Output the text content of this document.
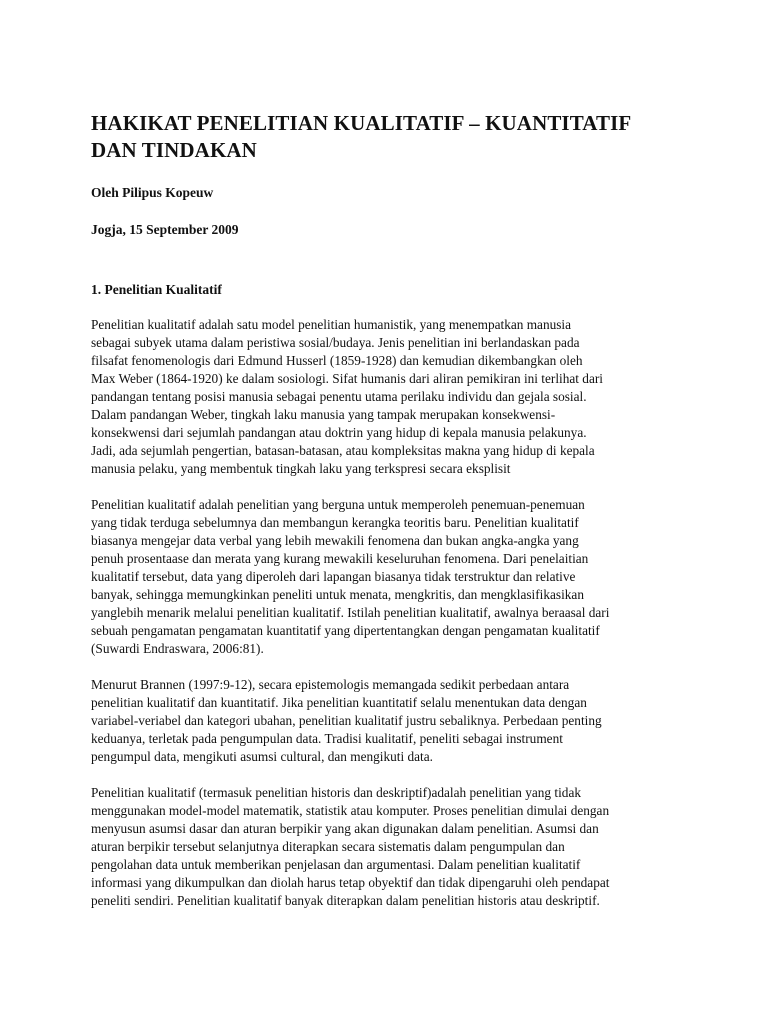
HAKIKAT PENELITIAN KUALITATIF – KUANTITATIF
DAN TINDAKAN

Oleh Pilipus Kopeuw

Jogja, 15 September 2009

1. Penelitian Kualitatif

Penelitian kualitatif adalah satu model penelitian humanistik, yang menempatkan manusia
sebagai subyek utama dalam peristiwa sosial/budaya. Jenis penelitian ini berlandaskan pada
filsafat fenomenologis dari Edmund Husserl (1859-1928) dan kemudian dikembangkan oleh
Max Weber (1864-1920) ke dalam sosiologi. Sifat humanis dari aliran pemikiran ini terlihat dari
pandangan tentang posisi manusia sebagai penentu utama perilaku individu dan gejala sosial.
Dalam pandangan Weber, tingkah laku manusia yang tampak merupakan konsekwensi-
konsekwensi dari sejumlah pandangan atau doktrin yang hidup di kepala manusia pelakunya.
Jadi, ada sejumlah pengertian, batasan-batasan, atau kompleksitas makna yang hidup di kepala
manusia pelaku, yang membentuk tingkah laku yang terkspresi secara eksplisit

Penelitian kualitatif adalah penelitian yang berguna untuk memperoleh penemuan-penemuan
yang tidak terduga sebelumnya dan membangun kerangka teoritis baru. Penelitian kualitatif
biasanya mengejar data verbal yang lebih mewakili fenomena dan bukan angka-angka yang
penuh prosentaase dan merata yang kurang mewakili keseluruhan fenomena. Dari penelaitian
kualitatif tersebut, data yang diperoleh dari lapangan biasanya tidak terstruktur dan relative
banyak, sehingga memungkinkan peneliti untuk menata, mengkritis, dan mengklasifikasikan
yanglebih menarik melalui penelitian kualitatif. Istilah penelitian kualitatif, awalnya beraasal dari
sebuah pengamatan pengamatan kuantitatif yang dipertentangkan dengan pengamatan kualitatif
(Suwardi Endraswara, 2006:81).

Menurut Brannen (1997:9-12), secara epistemologis memangada sedikit perbedaan antara
penelitian kualitatif dan kuantitatif. Jika penelitian kuantitatif selalu menentukan data dengan
variabel-veriabel dan kategori ubahan, penelitian kualitatif justru sebaliknya. Perbedaan penting
keduanya, terletak pada pengumpulan data. Tradisi kualitatif, peneliti sebagai instrument
pengumpul data, mengikuti asumsi cultural, dan mengikuti data.

Penelitian kualitatif (termasuk penelitian historis dan deskriptif)adalah penelitian yang tidak
menggunakan model-model matematik, statistik atau komputer. Proses penelitian dimulai dengan
menyusun asumsi dasar dan aturan berpikir yang akan digunakan dalam penelitian. Asumsi dan
aturan berpikir tersebut selanjutnya diterapkan secara sistematis dalam pengumpulan dan
pengolahan data untuk memberikan penjelasan dan argumentasi. Dalam penelitian kualitatif
informasi yang dikumpulkan dan diolah harus tetap obyektif dan tidak dipengaruhi oleh pendapat
peneliti sendiri. Penelitian kualitatif banyak diterapkan dalam penelitian historis atau deskriptif.
